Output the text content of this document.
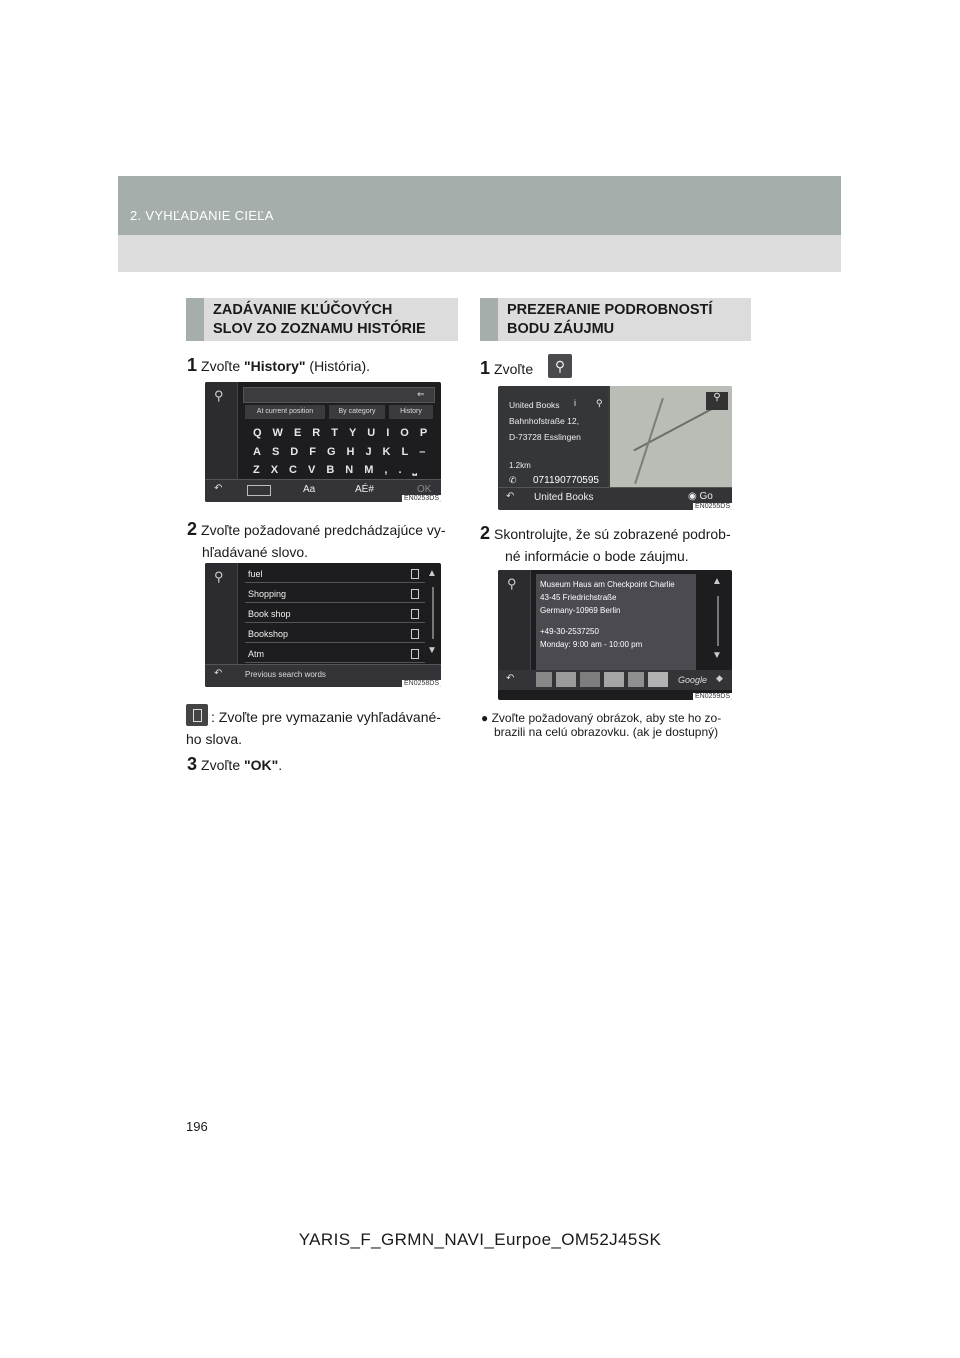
2. VYHĽADANIE CIEĽA
ZADÁVANIE KĽÚČOVÝCH
SLOV ZO ZOZNAMU HISTÓRIE
1 Zvoľte "History" (História).
⚲	⇐
At current position	By category	History
QWERTYUIOP
ASDFGHJKL–
ZXCVBNM,.⎵
↶	Aa	AÉ#	OK
EN0253DS
2 Zvoľte požadované predchádzajúce vy-
hľadávané slovo.
⚲	fuel
Shopping
Book shop
Bookshop
Atm
▲
▼
↶	Previous search words
EN0258DS
: Zvoľte pre vymazanie vyhľadávané-
ho slova.
3 Zvoľte "OK".
PREZERANIE PODROBNOSTÍ
BODU ZÁUJMU
1 Zvoľte	⚲
United Books i ⚲
Bahnhofstraße 12,
D-73728 Esslingen
1.2km
✆ 071190770595
⚲
↶ United Books	◉ Go
EN0255DS
2 Skontrolujte, že sú zobrazené podrob-
né informácie o bode záujmu.
⚲	Museum Haus am Checkpoint Charlie
43-45 Friedrichstraße
Germany-10969 Berlin
+49-30-2537250
Monday: 9:00 am - 10:00 pm
▲
▼
↶	Google ◆
EN0259DS
● Zvoľte požadovaný obrázok, aby ste ho zo-
brazili na celú obrazovku. (ak je dostupný)
196
YARIS_F_GRMN_NAVI_Eurpoe_OM52J45SK
